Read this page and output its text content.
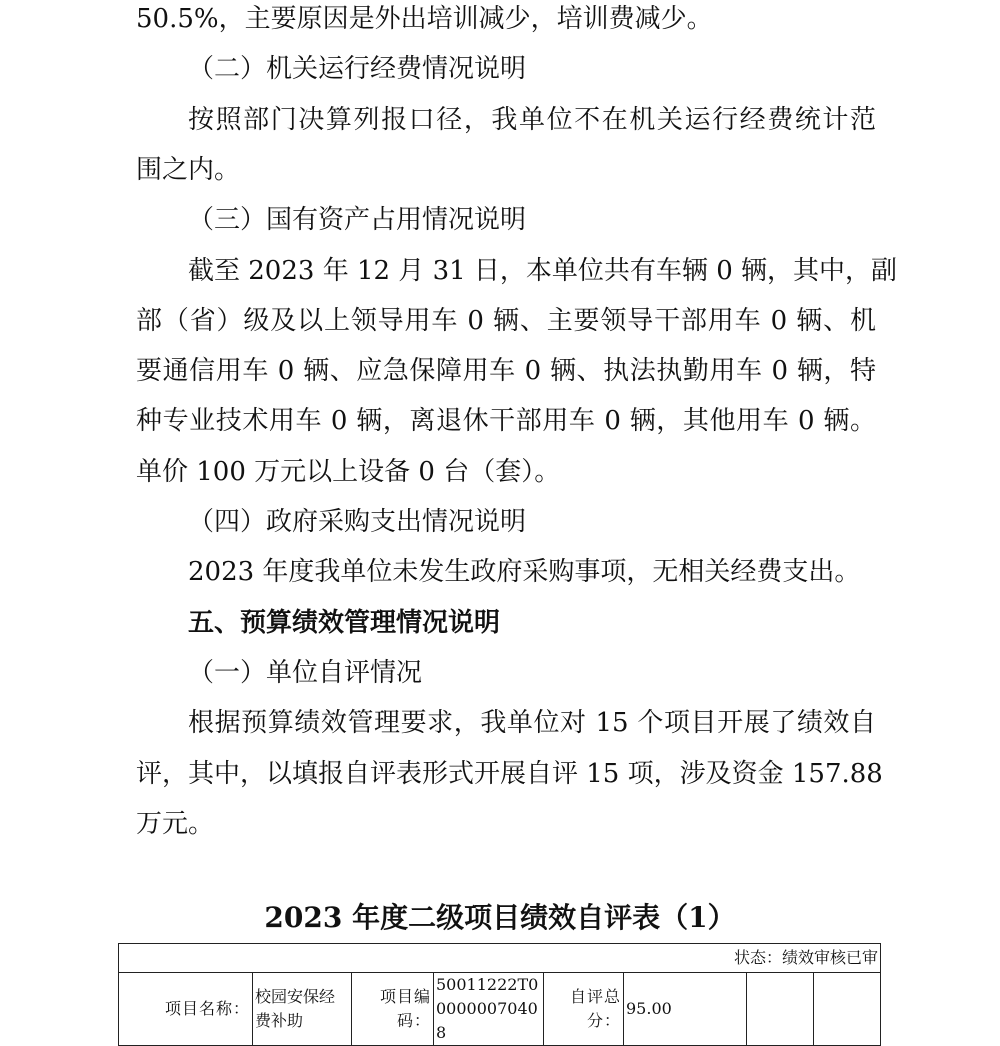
50.5%，主要原因是外出培训减少，培训费减少。
（二）机关运行经费情况说明
按照部门决算列报口径，我单位不在机关运行经费统计范
围之内。
（三）国有资产占用情况说明
截至 2023 年 12 月 31 日，本单位共有车辆 0 辆，其中，副
部（省）级及以上领导用车 0 辆、主要领导干部用车 0 辆、机
要通信用车 0 辆、应急保障用车 0 辆、执法执勤用车 0 辆，特
种专业技术用车 0 辆，离退休干部用车 0 辆，其他用车 0 辆。
单价 100 万元以上设备 0 台（套）。
（四）政府采购支出情况说明
2023 年度我单位未发生政府采购事项，无相关经费支出。
五、预算绩效管理情况说明
（一）单位自评情况
根据预算绩效管理要求，我单位对 15 个项目开展了绩效自
评，其中，以填报自评表形式开展自评 15 项，涉及资金 157.88
万元。
2023 年度二级项目绩效自评表（1）
状态：绩效审核已审
项目名称：	校园安保经费补助	项目编码：	50011222T000000070408	自评总分：	95.00		
